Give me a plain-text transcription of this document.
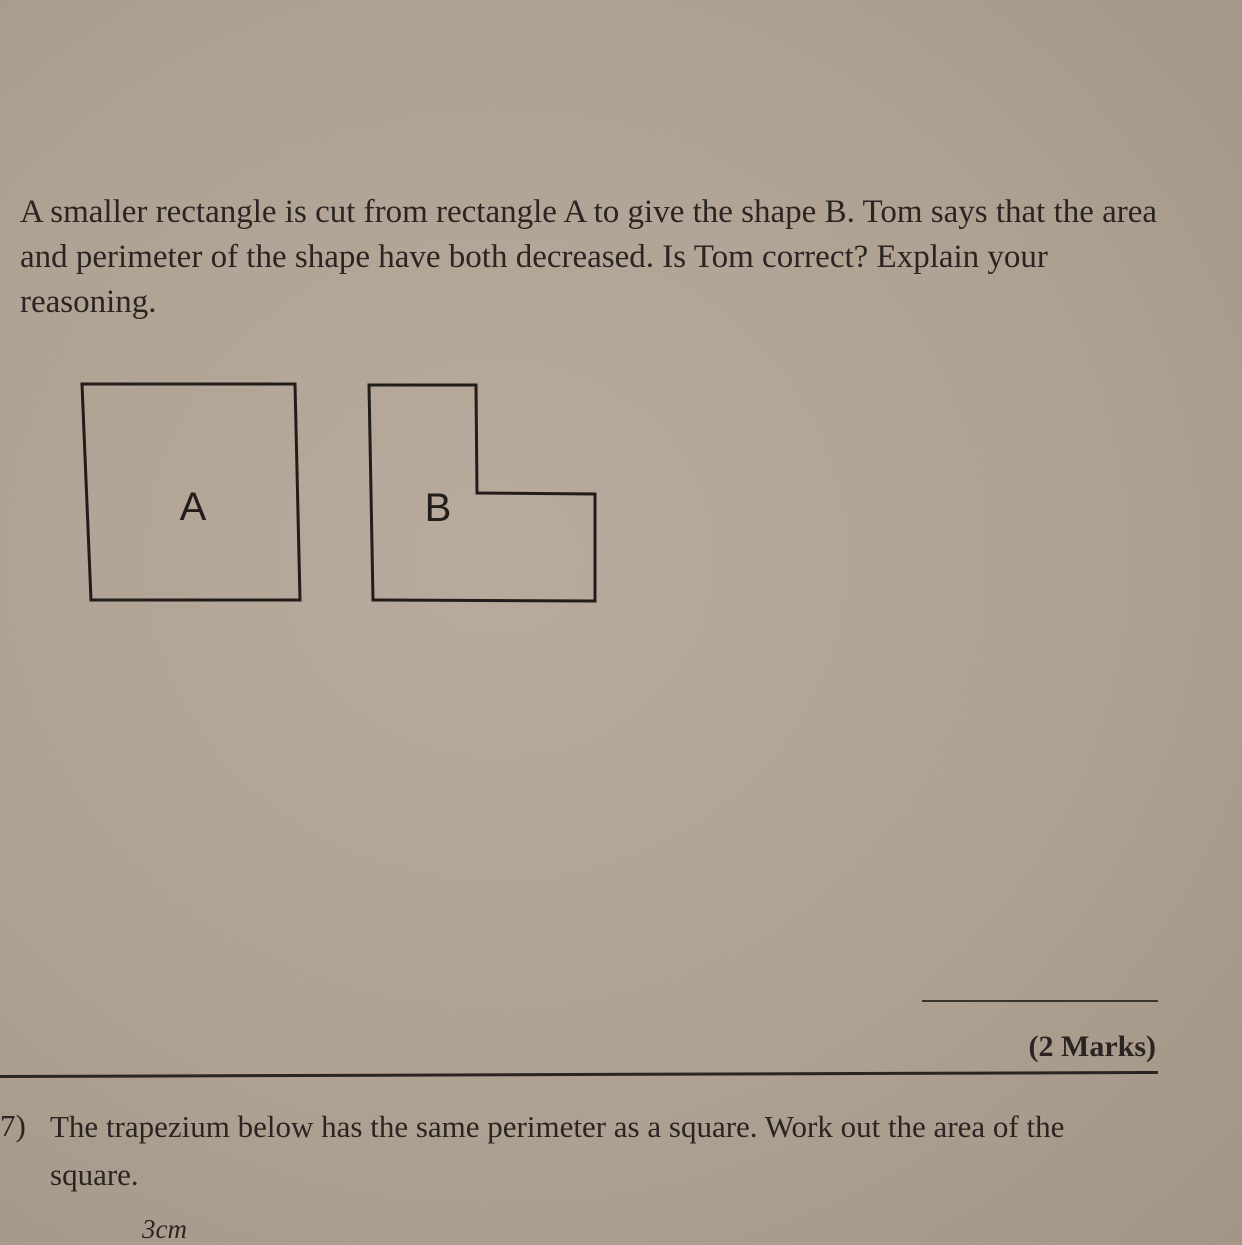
A smaller rectangle is cut from rectangle A to give the shape B. Tom says that the area and perimeter of the shape have both decreased. Is Tom correct? Explain your reasoning.

A	B
(2 Marks)
7) The trapezium below has the same perimeter as a square. Work out the area of the square.

3cm
